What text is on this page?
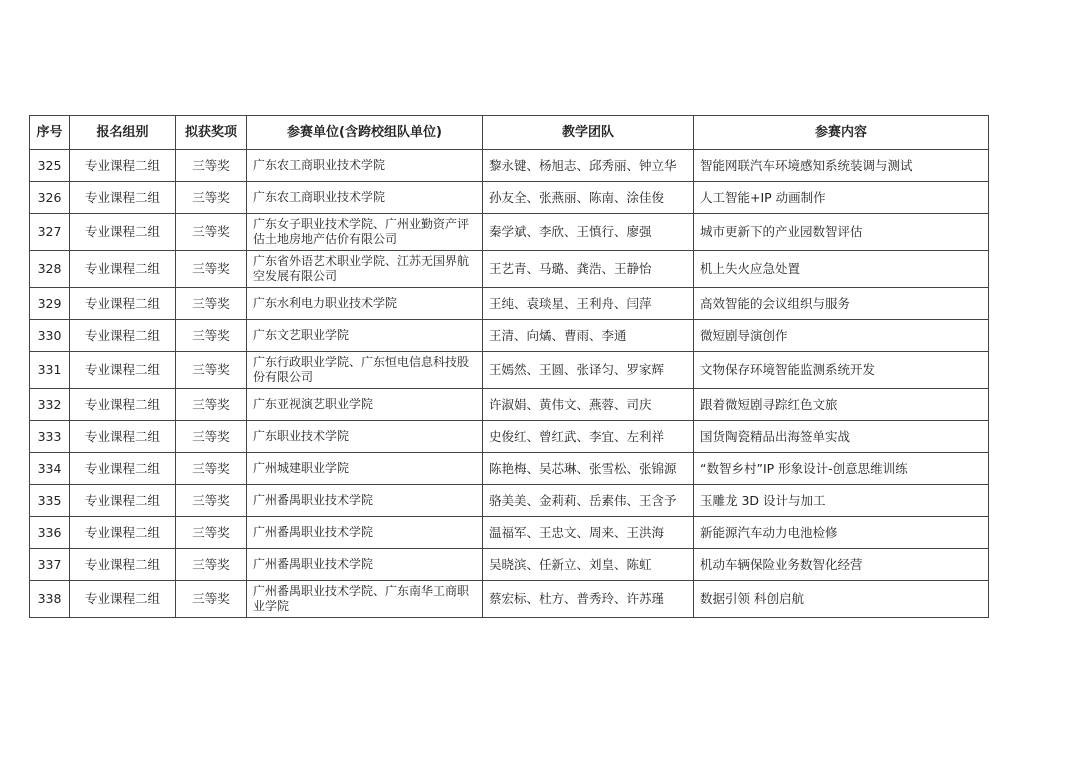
序号	报名组别	拟获奖项	参赛单位(含跨校组队单位)	教学团队	参赛内容
325	专业课程二组	三等奖	广东农工商职业技术学院	黎永键、杨旭志、邱秀丽、钟立华	智能网联汽车环境感知系统装调与测试
326	专业课程二组	三等奖	广东农工商职业技术学院	孙友全、张燕丽、陈南、涂佳俊	人工智能+IP 动画制作
327	专业课程二组	三等奖	广东女子职业技术学院、广州业勤资产评估土地房地产估价有限公司	秦学斌、李欣、王慎行、廖强	城市更新下的产业园数智评估
328	专业课程二组	三等奖	广东省外语艺术职业学院、江苏无国界航空发展有限公司	王艺青、马璐、龚浩、王静怡	机上失火应急处置
329	专业课程二组	三等奖	广东水利电力职业技术学院	王纯、袁琰星、王利舟、闫萍	高效智能的会议组织与服务
330	专业课程二组	三等奖	广东文艺职业学院	王清、向燏、曹雨、李通	微短剧导演创作
331	专业课程二组	三等奖	广东行政职业学院、广东恒电信息科技股份有限公司	王嫣然、王圆、张译匀、罗家辉	文物保存环境智能监测系统开发
332	专业课程二组	三等奖	广东亚视演艺职业学院	许淑娟、黄伟文、燕蓉、司庆	跟着微短剧寻踪红色文旅
333	专业课程二组	三等奖	广东职业技术学院	史俊红、曾红武、李宜、左利祥	国货陶瓷精品出海签单实战
334	专业课程二组	三等奖	广州城建职业学院	陈艳梅、吴芯琳、张雪松、张锦源	“数智乡村”IP 形象设计-创意思维训练
335	专业课程二组	三等奖	广州番禺职业技术学院	骆美美、金莉莉、岳素伟、王含予	玉雕龙 3D 设计与加工
336	专业课程二组	三等奖	广州番禺职业技术学院	温福军、王忠文、周来、王洪海	新能源汽车动力电池检修
337	专业课程二组	三等奖	广州番禺职业技术学院	吴晓滨、任新立、刘皇、陈虹	机动车辆保险业务数智化经营
338	专业课程二组	三等奖	广州番禺职业技术学院、广东南华工商职业学院	蔡宏标、杜方、普秀玲、许苏瑾	数据引领 科创启航
